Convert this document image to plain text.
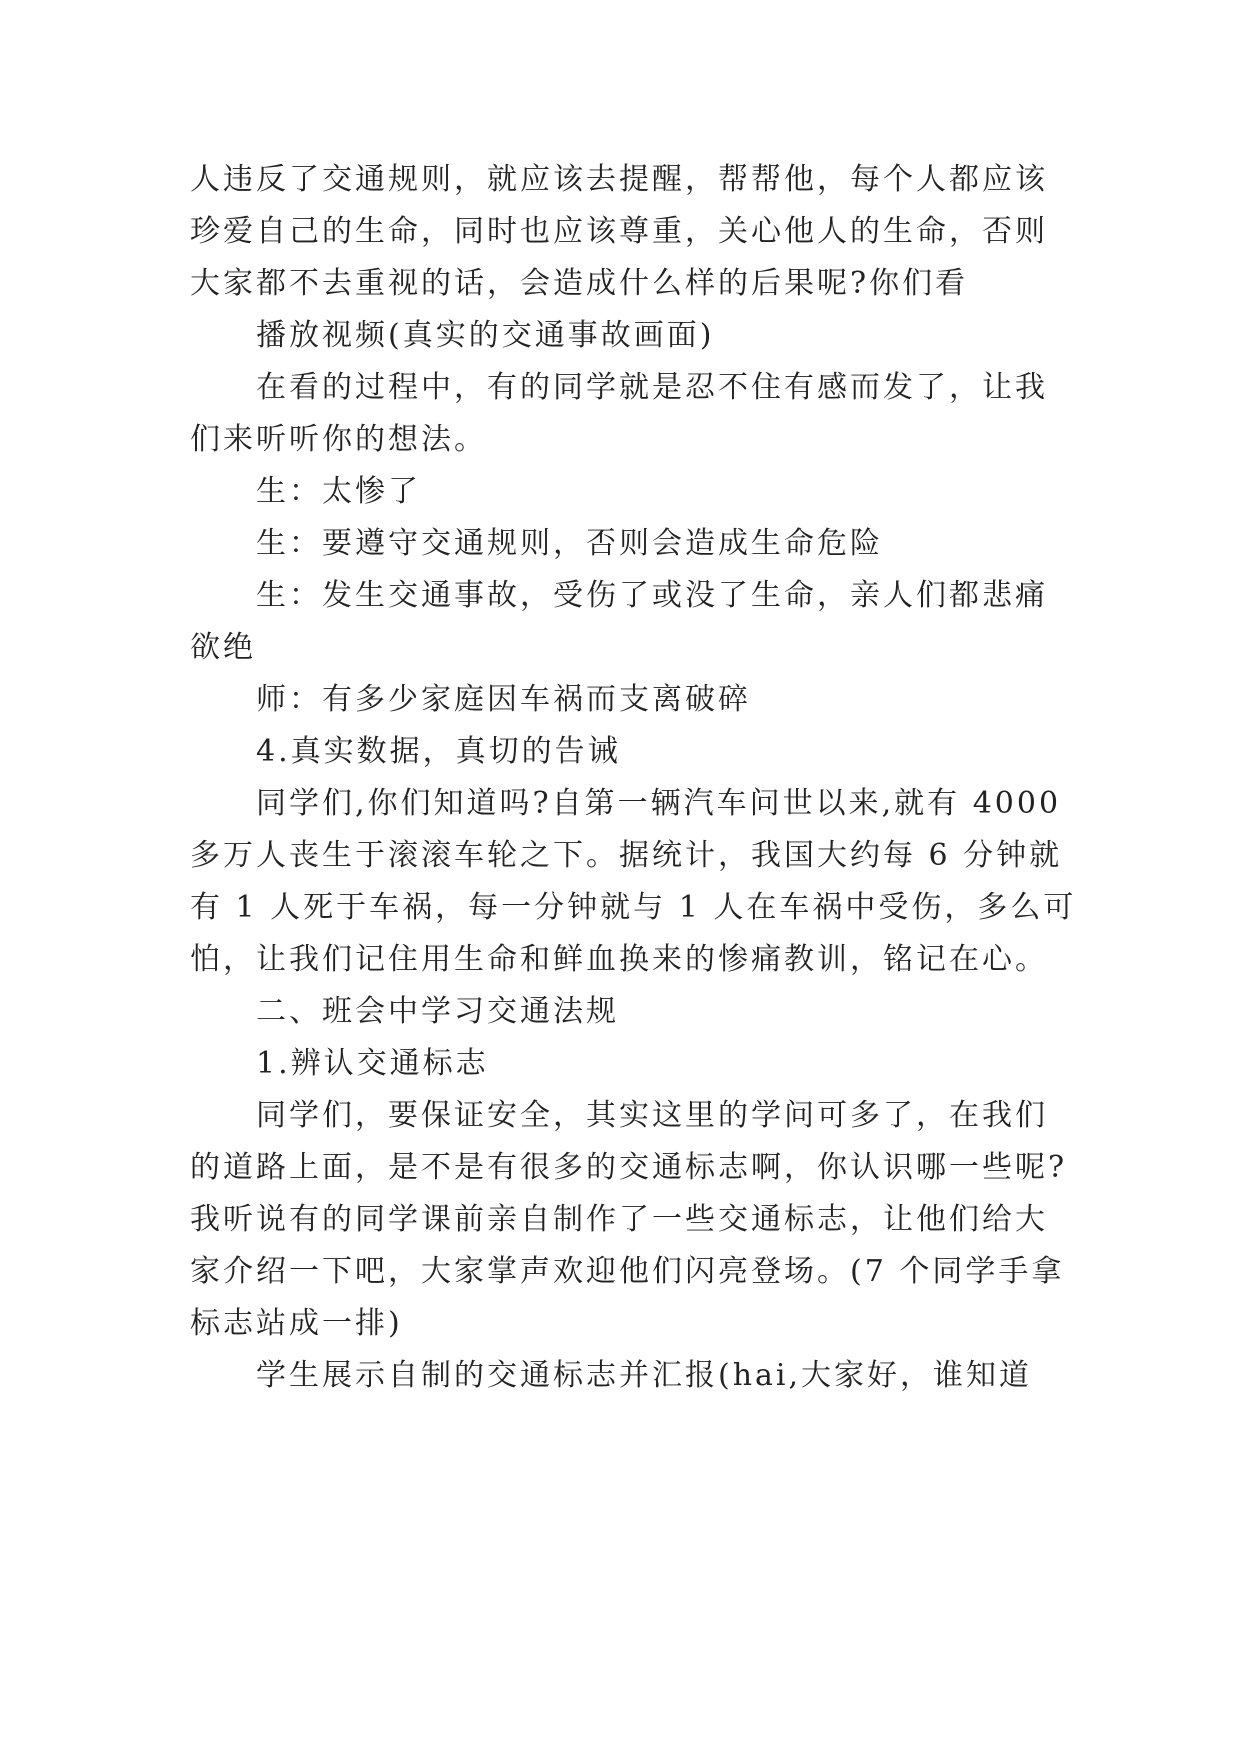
人违反了交通规则，就应该去提醒，帮帮他，每个人都应该
珍爱自己的生命，同时也应该尊重，关心他人的生命，否则
大家都不去重视的话，会造成什么样的后果呢?你们看
播放视频(真实的交通事故画面)
在看的过程中，有的同学就是忍不住有感而发了，让我
们来听听你的想法。
生：太惨了
生：要遵守交通规则，否则会造成生命危险
生：发生交通事故，受伤了或没了生命，亲人们都悲痛
欲绝
师：有多少家庭因车祸而支离破碎
4.真实数据，真切的告诫
同学们,你们知道吗?自第一辆汽车问世以来,就有 4000
多万人丧生于滚滚车轮之下。据统计，我国大约每 6 分钟就
有 1 人死于车祸，每一分钟就与 1 人在车祸中受伤，多么可
怕，让我们记住用生命和鲜血换来的惨痛教训，铭记在心。
二、班会中学习交通法规
1.辨认交通标志
同学们，要保证安全，其实这里的学问可多了，在我们
的道路上面，是不是有很多的交通标志啊，你认识哪一些呢?
我听说有的同学课前亲自制作了一些交通标志，让他们给大
家介绍一下吧，大家掌声欢迎他们闪亮登场。(7 个同学手拿
标志站成一排)
学生展示自制的交通标志并汇报(hai,大家好，谁知道
